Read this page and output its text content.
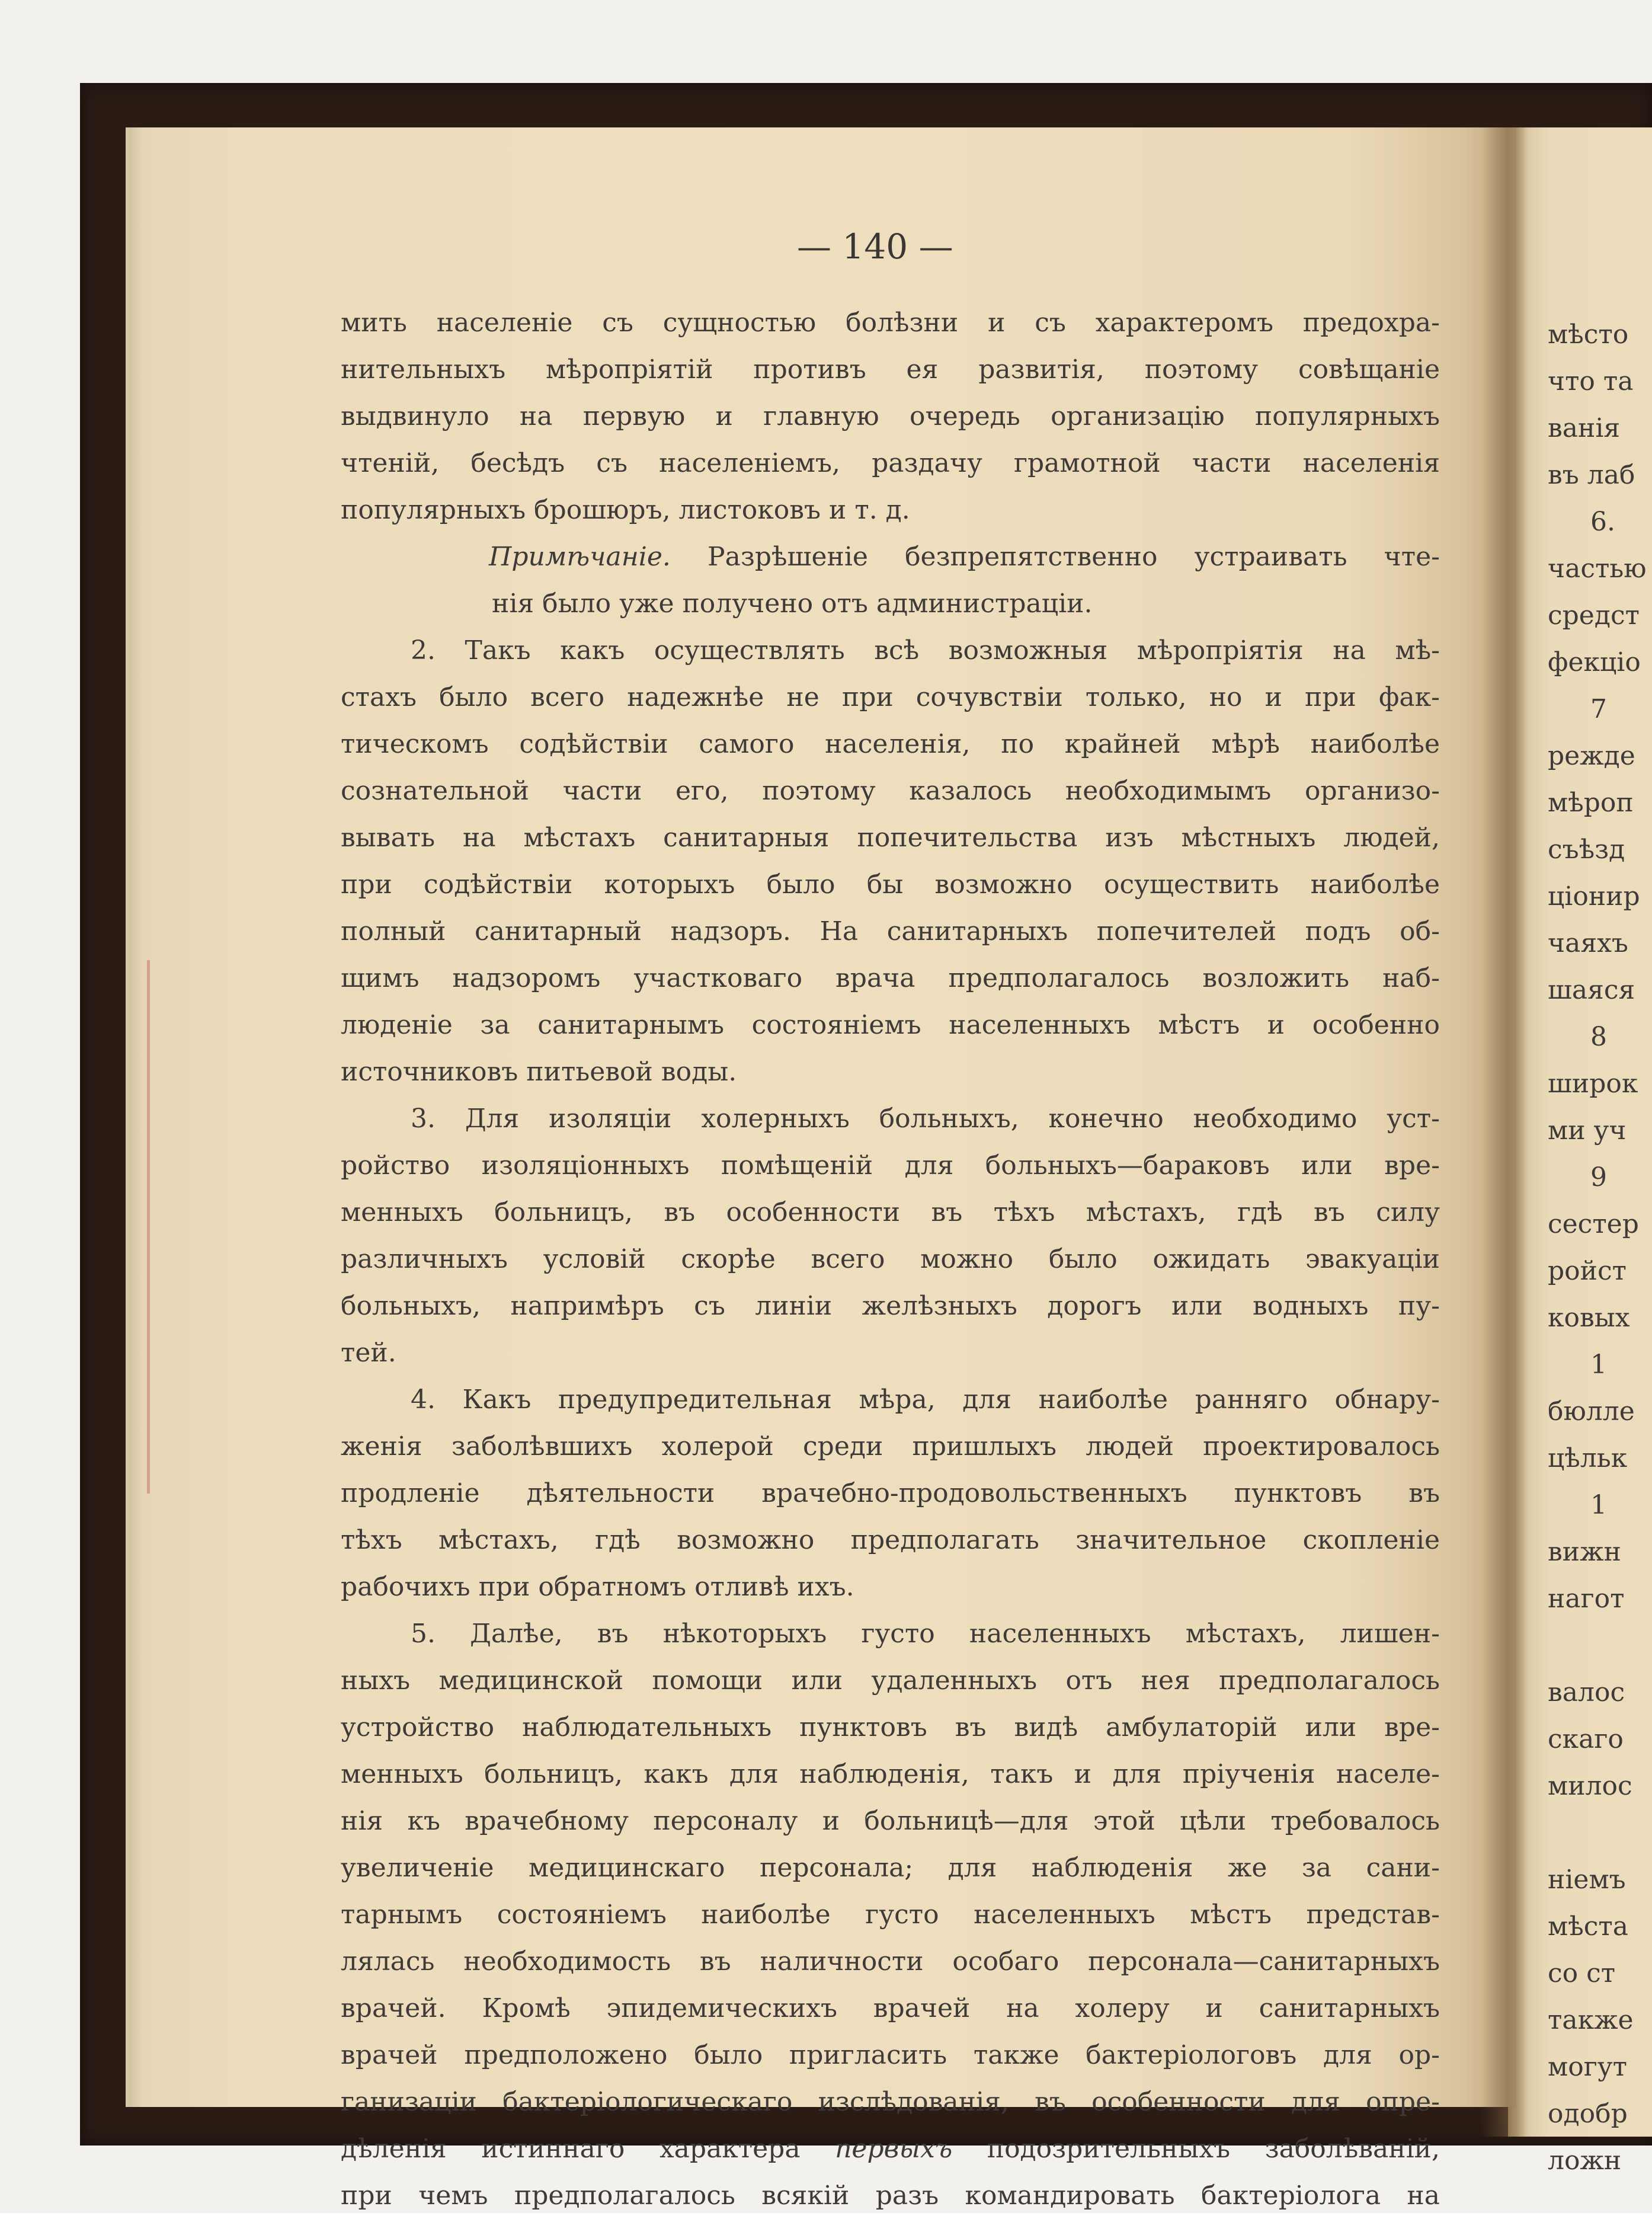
— 140 —
мить населеніе съ сущностью болѣзни и съ характеромъ предохра-
нительныхъ мѣропріятій противъ ея развитія, поэтому совѣщаніе
выдвинуло на первую и главную очередь организацію популярныхъ
чтеній, бесѣдъ съ населеніемъ, раздачу грамотной части населенія
популярныхъ брошюръ, листоковъ и т. д.
Примѣчаніе. Разрѣшеніе безпрепятственно устраивать чте-
нія было уже получено отъ администраціи.
2. Такъ какъ осуществлять всѣ возможныя мѣропріятія на мѣ-
стахъ было всего надежнѣе не при сочувствіи только, но и при фак-
тическомъ содѣйствіи самого населенія, по крайней мѣрѣ наиболѣе
сознательной части его, поэтому казалось необходимымъ организо-
вывать на мѣстахъ санитарныя попечительства изъ мѣстныхъ людей,
при содѣйствіи которыхъ было бы возможно осуществить наиболѣе
полный санитарный надзоръ. На санитарныхъ попечителей подъ об-
щимъ надзоромъ участковаго врача предполагалось возложить наб-
люденіе за санитарнымъ состояніемъ населенныхъ мѣстъ и особенно
источниковъ питьевой воды.
3. Для изоляціи холерныхъ больныхъ, конечно необходимо уст-
ройство изоляціонныхъ помѣщеній для больныхъ—бараковъ или вре-
менныхъ больницъ, въ особенности въ тѣхъ мѣстахъ, гдѣ въ силу
различныхъ условій скорѣе всего можно было ожидать эвакуаціи
больныхъ, напримѣръ съ линіи желѣзныхъ дорогъ или водныхъ пу-
тей.
4. Какъ предупредительная мѣра, для наиболѣе ранняго обнару-
женія заболѣвшихъ холерой среди пришлыхъ людей проектировалось
продленіе дѣятельности врачебно-продовольственныхъ пунктовъ въ
тѣхъ мѣстахъ, гдѣ возможно предполагать значительное скопленіе
рабочихъ при обратномъ отливѣ ихъ.
5. Далѣе, въ нѣкоторыхъ густо населенныхъ мѣстахъ, лишен-
ныхъ медицинской помощи или удаленныхъ отъ нея предполагалось
устройство наблюдательныхъ пунктовъ въ видѣ амбулаторій или вре-
менныхъ больницъ, какъ для наблюденія, такъ и для пріученія населе-
нія къ врачебному персоналу и больницѣ—для этой цѣли требовалось
увеличеніе медицинскаго персонала; для наблюденія же за сани-
тарнымъ состояніемъ наиболѣе густо населенныхъ мѣстъ представ-
лялась необходимость въ наличности особаго персонала—санитарныхъ
врачей. Кромѣ эпидемическихъ врачей на холеру и санитарныхъ
врачей предположено было пригласить также бактеріологовъ для ор-
ганизаціи бактеріологическаго изслѣдованія, въ особенности для опре-
дѣленія истиннаго характера первыхъ подозрительныхъ заболѣваній,
при чемъ предполагалось всякій разъ командировать бактеріолога на
мѣсто
что та
ванія
въ лаб
6.
частью
средст
фекціо
7
режде
мѣроп
съѣзд
ціонир
чаяхъ
шаяся
8
широк
ми уч
9
сестер
ройст
ковых
1
бюлле
цѣльк
1
вижн
нагот
валос
скаго
милос
ніемъ
мѣста
со ст
также
могут
одобр
ложн
